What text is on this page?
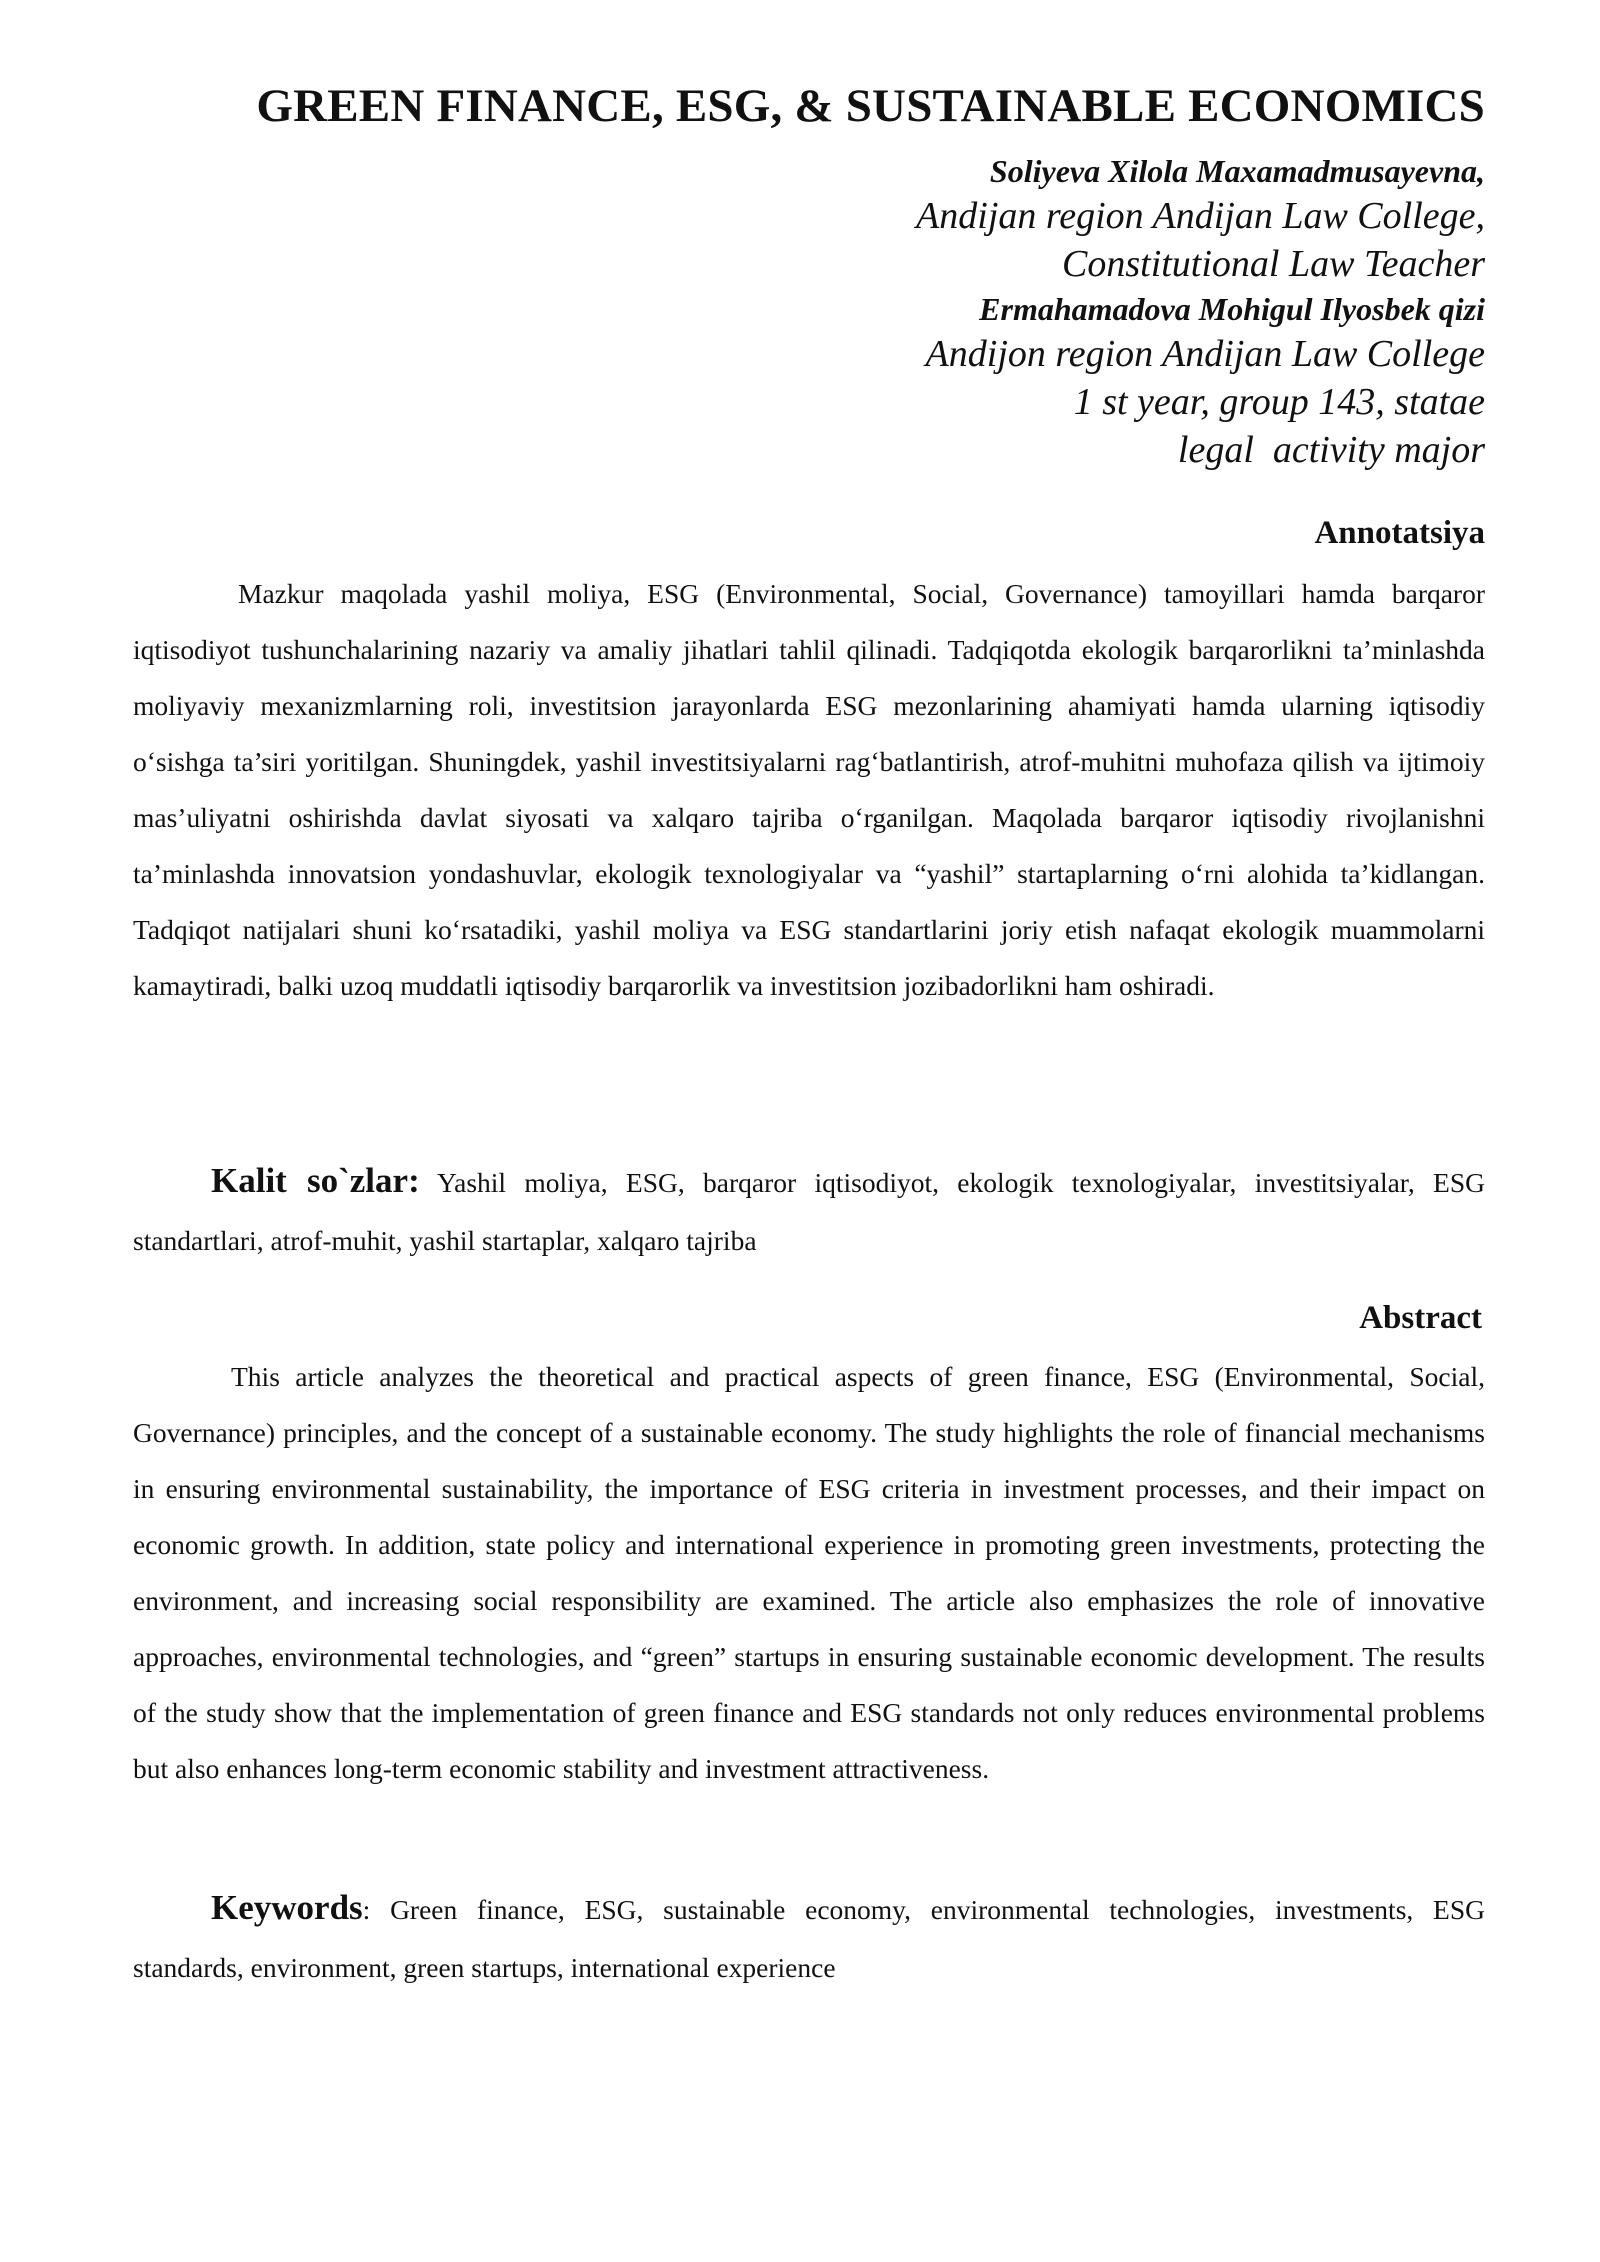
GREEN FINANCE, ESG, & SUSTAINABLE ECONOMICS
Soliyeva Xilola Maxamadmusayevna,
Andijan region Andijan Law College,
Constitutional Law Teacher
Ermahamadova Mohigul Ilyosbek qizi
Andijon region Andijan Law College
1 st year, group 143, statae
legal  activity major
Annotatsiya

Mazkur maqolada yashil moliya, ESG (Environmental, Social, Governance) tamoyillari hamda barqaror iqtisodiyot tushunchalarining nazariy va amaliy jihatlari tahlil qilinadi. Tadqiqotda ekologik barqarorlikni ta’minlashda moliyaviy mexanizmlarning roli, investitsion jarayonlarda ESG mezonlarining ahamiyati hamda ularning iqtisodiy o‘sishga ta’siri yoritilgan. Shuningdek, yashil investitsiyalarni rag‘batlantirish, atrof-muhitni muhofaza qilish va ijtimoiy mas’uliyatni oshirishda davlat siyosati va xalqaro tajriba o‘rganilgan. Maqolada barqaror iqtisodiy rivojlanishni ta’minlashda innovatsion yondashuvlar, ekologik texnologiyalar va “yashil” startaplarning o‘rni alohida ta’kidlangan. Tadqiqot natijalari shuni ko‘rsatadiki, yashil moliya va ESG standartlarini joriy etish nafaqat ekologik muammolarni kamaytiradi, balki uzoq muddatli iqtisodiy barqarorlik va investitsion jozibadorlikni ham oshiradi.

Kalit so`zlar: Yashil moliya, ESG, barqaror iqtisodiyot, ekologik texnologiyalar, investitsiyalar, ESG standartlari, atrof-muhit, yashil startaplar, xalqaro tajriba

Abstract

This article analyzes the theoretical and practical aspects of green finance, ESG (Environmental, Social, Governance) principles, and the concept of a sustainable economy. The study highlights the role of financial mechanisms in ensuring environmental sustainability, the importance of ESG criteria in investment processes, and their impact on economic growth. In addition, state policy and international experience in promoting green investments, protecting the environment, and increasing social responsibility are examined. The article also emphasizes the role of innovative approaches, environmental technologies, and “green” startups in ensuring sustainable economic development. The results of the study show that the implementation of green finance and ESG standards not only reduces environmental problems but also enhances long-term economic stability and investment attractiveness.

Keywords: Green finance, ESG, sustainable economy, environmental technologies, investments, ESG standards, environment, green startups, international experience
